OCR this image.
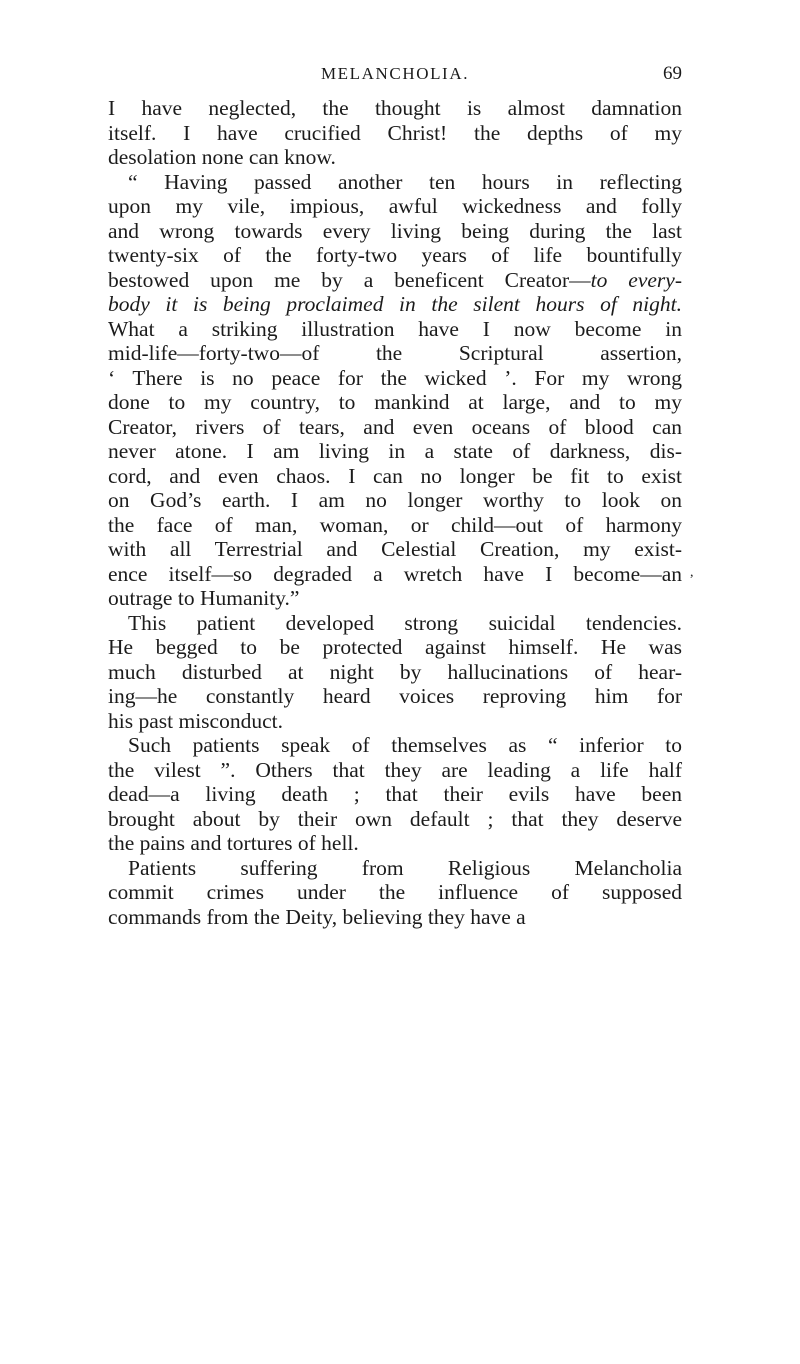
MELANCHOLIA.	69
I have neglected, the thought is almost damnation
itself. I have crucified Christ! the depths of my
desolation none can know.
“ Having passed another ten hours in reflecting
upon my vile, impious, awful wickedness and folly
and wrong towards every living being during the last
twenty-six of the forty-two years of life bountifully
bestowed upon me by a beneficent Creator—to every-
body it is being proclaimed in the silent hours of night.
What a striking illustration have I now become in
mid-life—forty-two—of the Scriptural assertion,
‘ There is no peace for the wicked ’. For my wrong
done to my country, to mankind at large, and to my
Creator, rivers of tears, and even oceans of blood can
never atone. I am living in a state of darkness, dis-
cord, and even chaos. I can no longer be fit to exist
on God’s earth. I am no longer worthy to look on
the face of man, woman, or child—out of harmony
with all Terrestrial and Celestial Creation, my exist-
ence itself—so degraded a wretch have I become—an
outrage to Humanity.”
This patient developed strong suicidal tendencies.
He begged to be protected against himself. He was
much disturbed at night by hallucinations of hear-
ing—he constantly heard voices reproving him for
his past misconduct.
Such patients speak of themselves as “ inferior to
the vilest ”. Others that they are leading a life half
dead—a living death ; that their evils have been
brought about by their own default ; that they deserve
the pains and tortures of hell.
Patients suffering from Religious Melancholia
commit crimes under the influence of supposed
commands from the Deity, believing they have a
,
